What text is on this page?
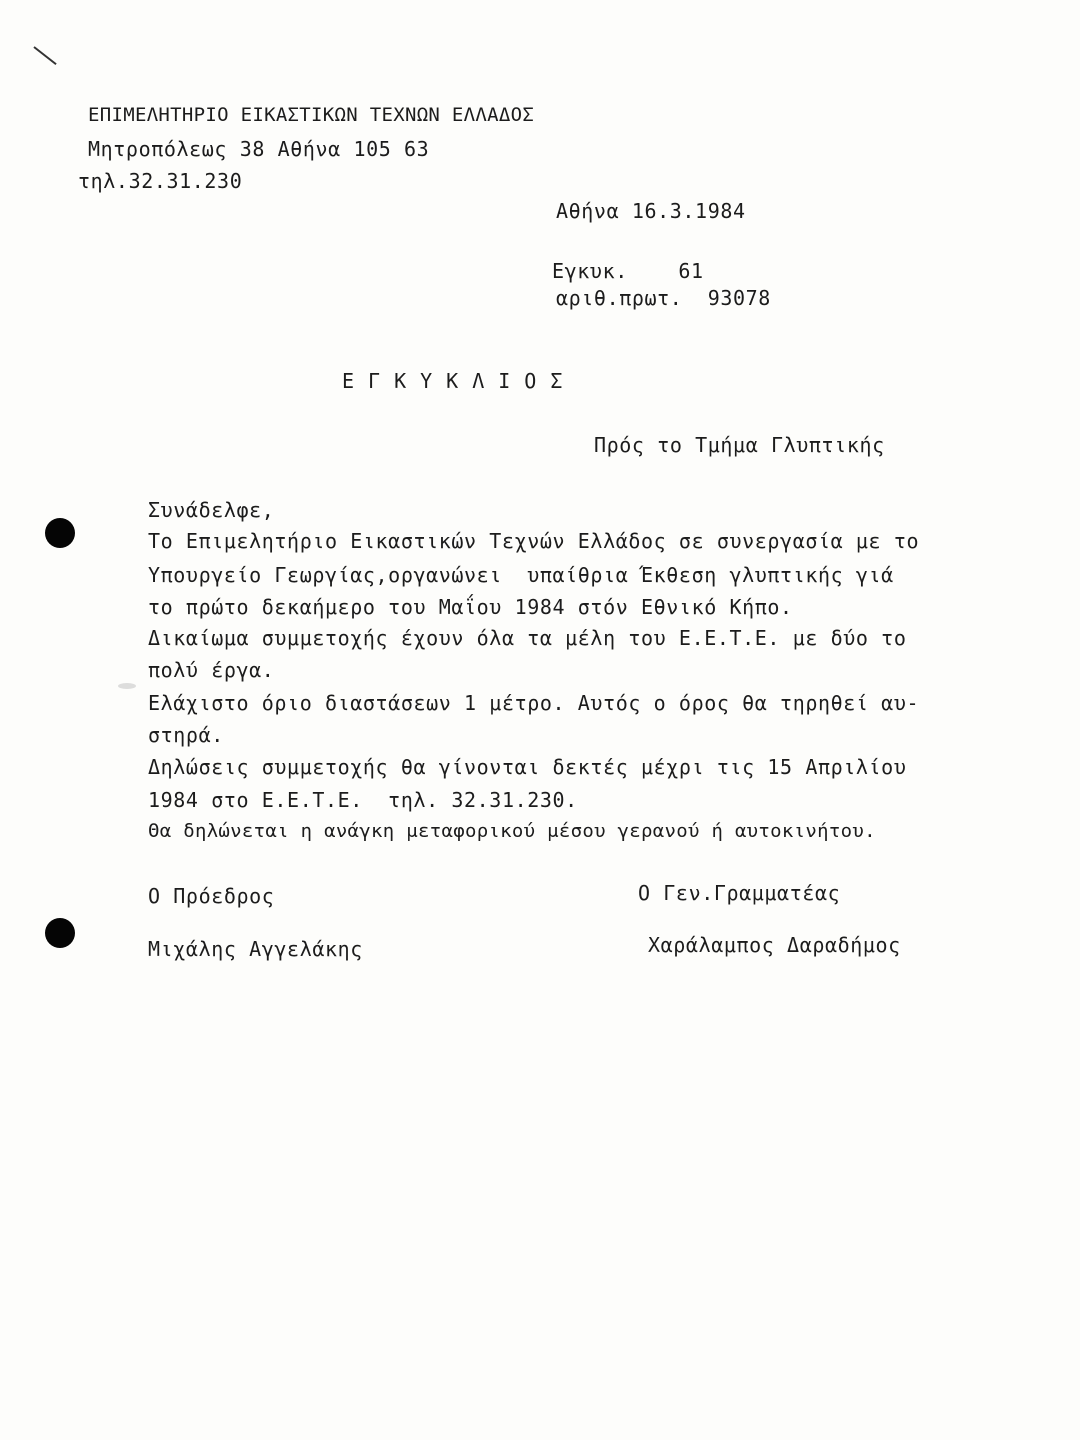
ΕΠΙΜΕΛΗΤΗΡΙΟ ΕΙΚΑΣΤΙΚΩΝ ΤΕΧΝΩΝ ΕΛΛΑΔΟΣ
Μητροπόλεως 38 Αθήνα 105 63
τηλ.32.31.230
Αθήνα 16.3.1984
Εγκυκ.    61
αριθ.πρωτ.  93078
ΕΓΚΥΚΛΙΟΣ
Πρός το Τμήμα Γλυπτικής
Συνάδελφε,
Το Επιμελητήριο Εικαστικών Τεχνών Ελλάδος σε συνεργασία με το
Υπουργείο Γεωργίας,οργανώνει  υπαίθρια Έκθεση γλυπτικής γιά
το πρώτο δεκαήμερο του Μαΐου 1984 στόν Εθνικό Κήπο.
Δικαίωμα συμμετοχής έχουν όλα τα μέλη του Ε.Ε.Τ.Ε. με δύο το
πολύ έργα.
Ελάχιστο όριο διαστάσεων 1 μέτρο. Αυτός ο όρος θα τηρηθεί αυ-
στηρά.
Δηλώσεις συμμετοχής θα γίνονται δεκτές μέχρι τις 15 Απριλίου
1984 στο Ε.Ε.Τ.Ε.  τηλ. 32.31.230.
Θα δηλώνεται η ανάγκη μεταφορικού μέσου γερανού ή αυτοκινήτου.
Ο Πρόεδρος	Ο Γεν.Γραμματέας
Μιχάλης Αγγελάκης	Χαράλαμπος Δαραδήμος
